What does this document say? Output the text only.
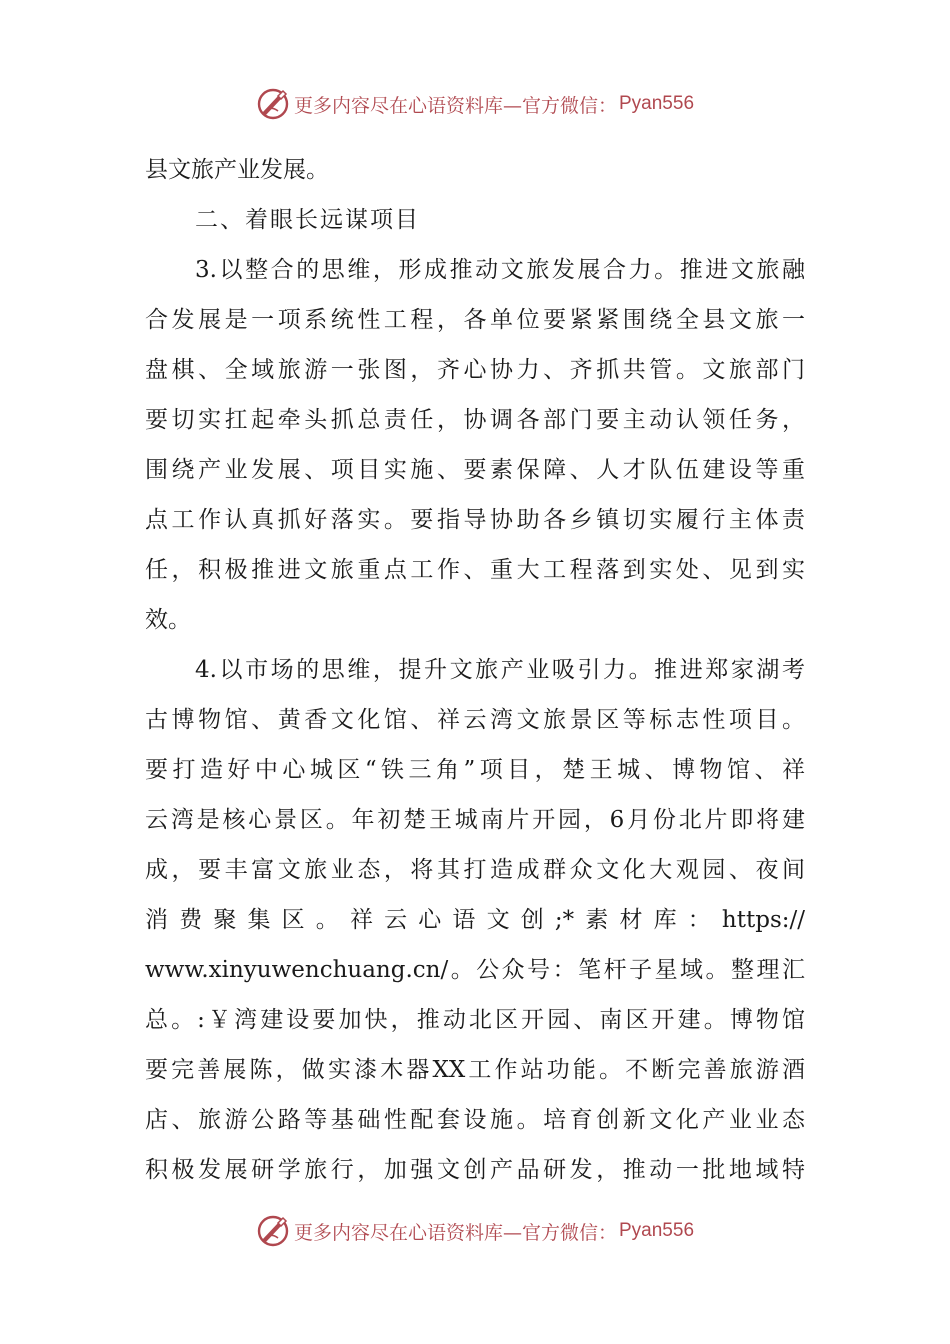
更多内容尽在心语资料库—官方微信： Pyan556
县文旅产业发展。
二、着眼长远谋项目
3.以整合的思维，形成推动文旅发展合力。推进文旅融
合发展是一项系统性工程，各单位要紧紧围绕全县文旅一
盘棋、全域旅游一张图，齐心协力、齐抓共管。文旅部门
要切实扛起牵头抓总责任，协调各部门要主动认领任务，
围绕产业发展、项目实施、要素保障、人才队伍建设等重
点工作认真抓好落实。要指导协助各乡镇切实履行主体责
任，积极推进文旅重点工作、重大工程落到实处、见到实
效。
4.以市场的思维，提升文旅产业吸引力。推进郑家湖考
古博物馆、黄香文化馆、祥云湾文旅景区等标志性项目。
要打造好中心城区“铁三角”项目，楚王城、博物馆、祥
云湾是核心景区。年初楚王城南片开园，6月份北片即将建
成，要丰富文旅业态，将其打造成群众文化大观园、夜间
消费聚集区。祥云心语文创;*素材库：https://
www.xinyuwenchuang.cn/。公众号：笔杆子星域。整理汇
总。:￥湾建设要加快，推动北区开园、南区开建。博物馆
要完善展陈，做实漆木器XX工作站功能。不断完善旅游酒
店、旅游公路等基础性配套设施。培育创新文化产业业态
积极发展研学旅行，加强文创产品研发，推动一批地域特
更多内容尽在心语资料库—官方微信： Pyan556
